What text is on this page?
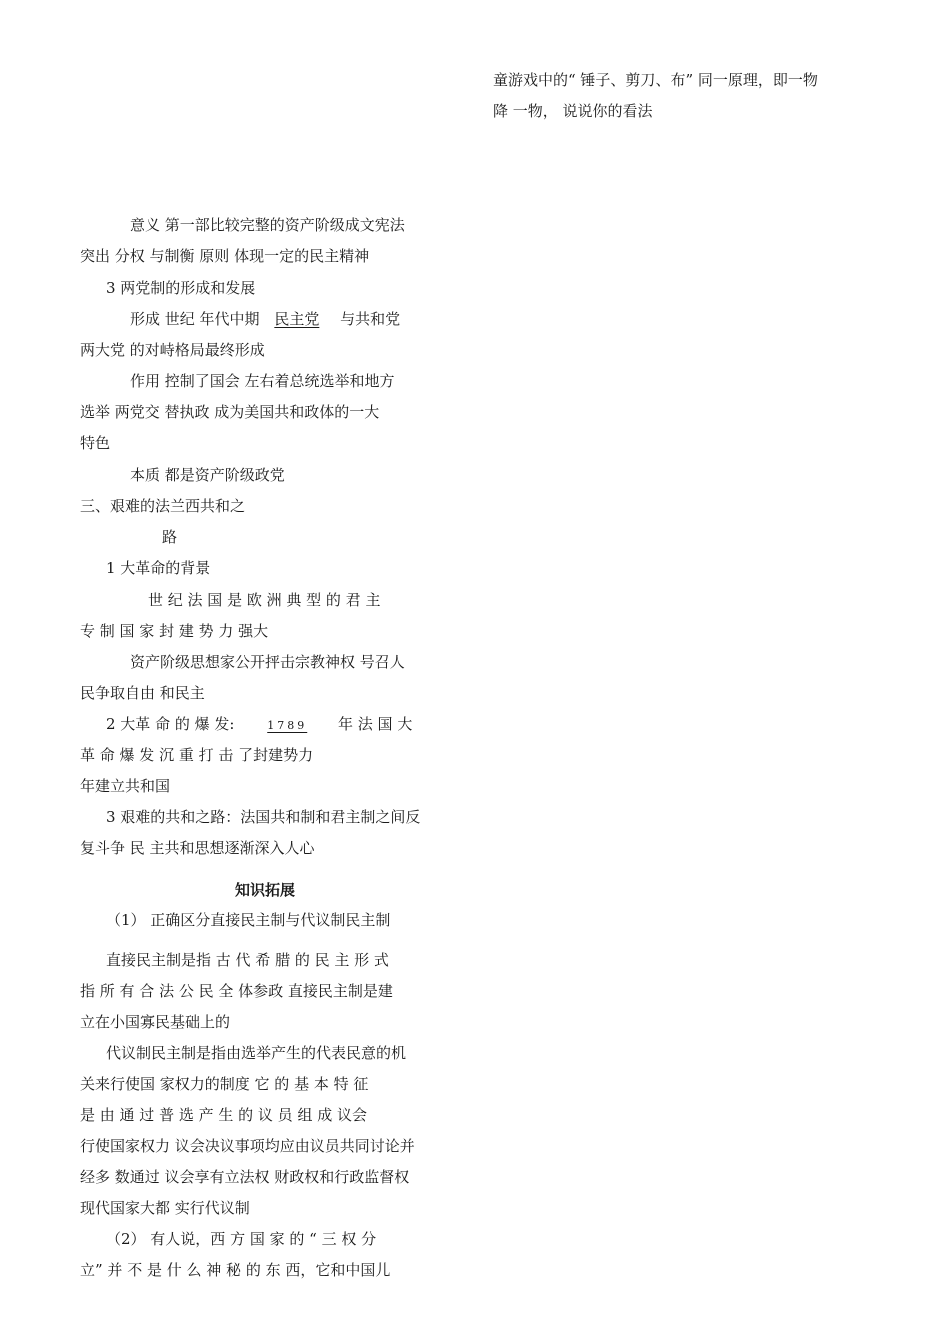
童游戏中的“ 锤子、剪刀、布” 同一原理，即一物
降 一物， 说说你的看法
意义 第一部比较完整的资产阶级成文宪法
突出 分权 与制衡 原则 体现一定的民主精神
3 两党制的形成和发展
形成 世纪 年代中期 民主党 与共和党
两大党 的对峙格局最终形成
作用 控制了国会 左右着总统选举和地方
选举 两党交 替执政 成为美国共和政体的一大
特色
本质 都是资产阶级政党
三、艰难的法兰西共和之
路
1 大革命的背景
世 纪 法 国 是 欧 洲 典 型 的 君 主
专 制 国 家 封 建 势 力 强大
资产阶级思想家公开抨击宗教神权 号召人
民争取自由 和民主
2 大革 命 的 爆 发:	1789 年 法 国 大
革 命 爆 发 沉 重 打 击 了封建势力
年建立共和国
3 艰难的共和之路：法国共和制和君主制之间反
复斗争 民 主共和思想逐渐深入人心
知识拓展
（1） 正确区分直接民主制与代议制民主制
直接民主制是指 古 代 希 腊 的 民 主 形 式
指 所 有 合 法 公 民 全 体参政 直接民主制是建
立在小国寡民基础上的
代议制民主制是指由选举产生的代表民意的机
关来行使国 家权力的制度 它 的 基 本 特 征
是 由 通 过 普 选 产 生 的 议 员 组 成 议会
行使国家权力 议会决议事项均应由议员共同讨论并
经多 数通过 议会享有立法权 财政权和行政监督权
现代国家大都 实行代议制
（2） 有人说，西 方 国 家 的 “ 三 权 分
立” 并 不 是 什 么 神 秘 的 东 西，它和中国儿
